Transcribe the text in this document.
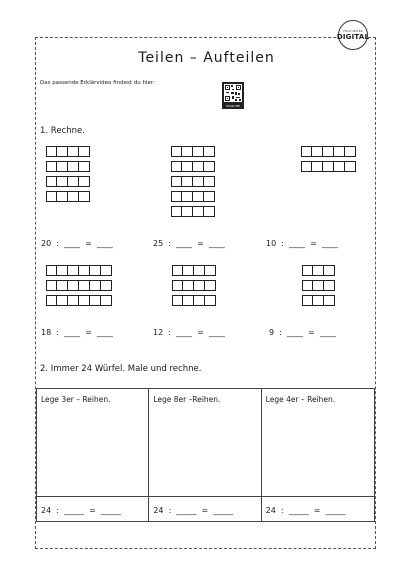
FELIX MAYER
DIGITAL
Teilen – Aufteilen
Das passende Erklärvideo findest du hier:
SCAN ME
1. Rechne.
20  :  ____  =  ____	25  :  ____  =  ____	10  :  ____  =  ____
18  :  ____  =  ____	12  :  ____  =  ____	9  :  ____  =  ____
2. Immer 24 Würfel. Male und rechne.
Lege 3er – Reihen.	Lege 8er –Reihen.	Lege 4er – Reihen.
24  :  _____  =  _____	24  :  _____  =  _____	24  :  _____  =  _____
